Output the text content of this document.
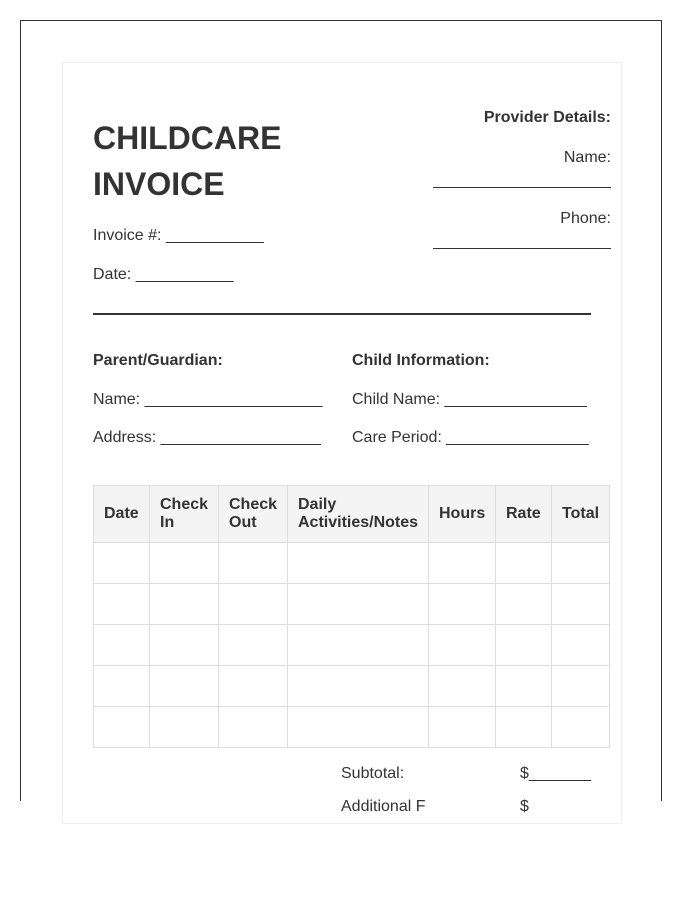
CHILDCARE
INVOICE
Invoice #: ___________
Date: ___________
Provider Details:
Name:
Phone:
Parent/Guardian:
Name: ____________________
Address: __________________
Child Information:
Child Name: ________________
Care Period: ________________
Date	Check In	Check Out	Daily Activities/Notes	Hours	Rate	Total

Subtotal:	$_______
Additional F	$
